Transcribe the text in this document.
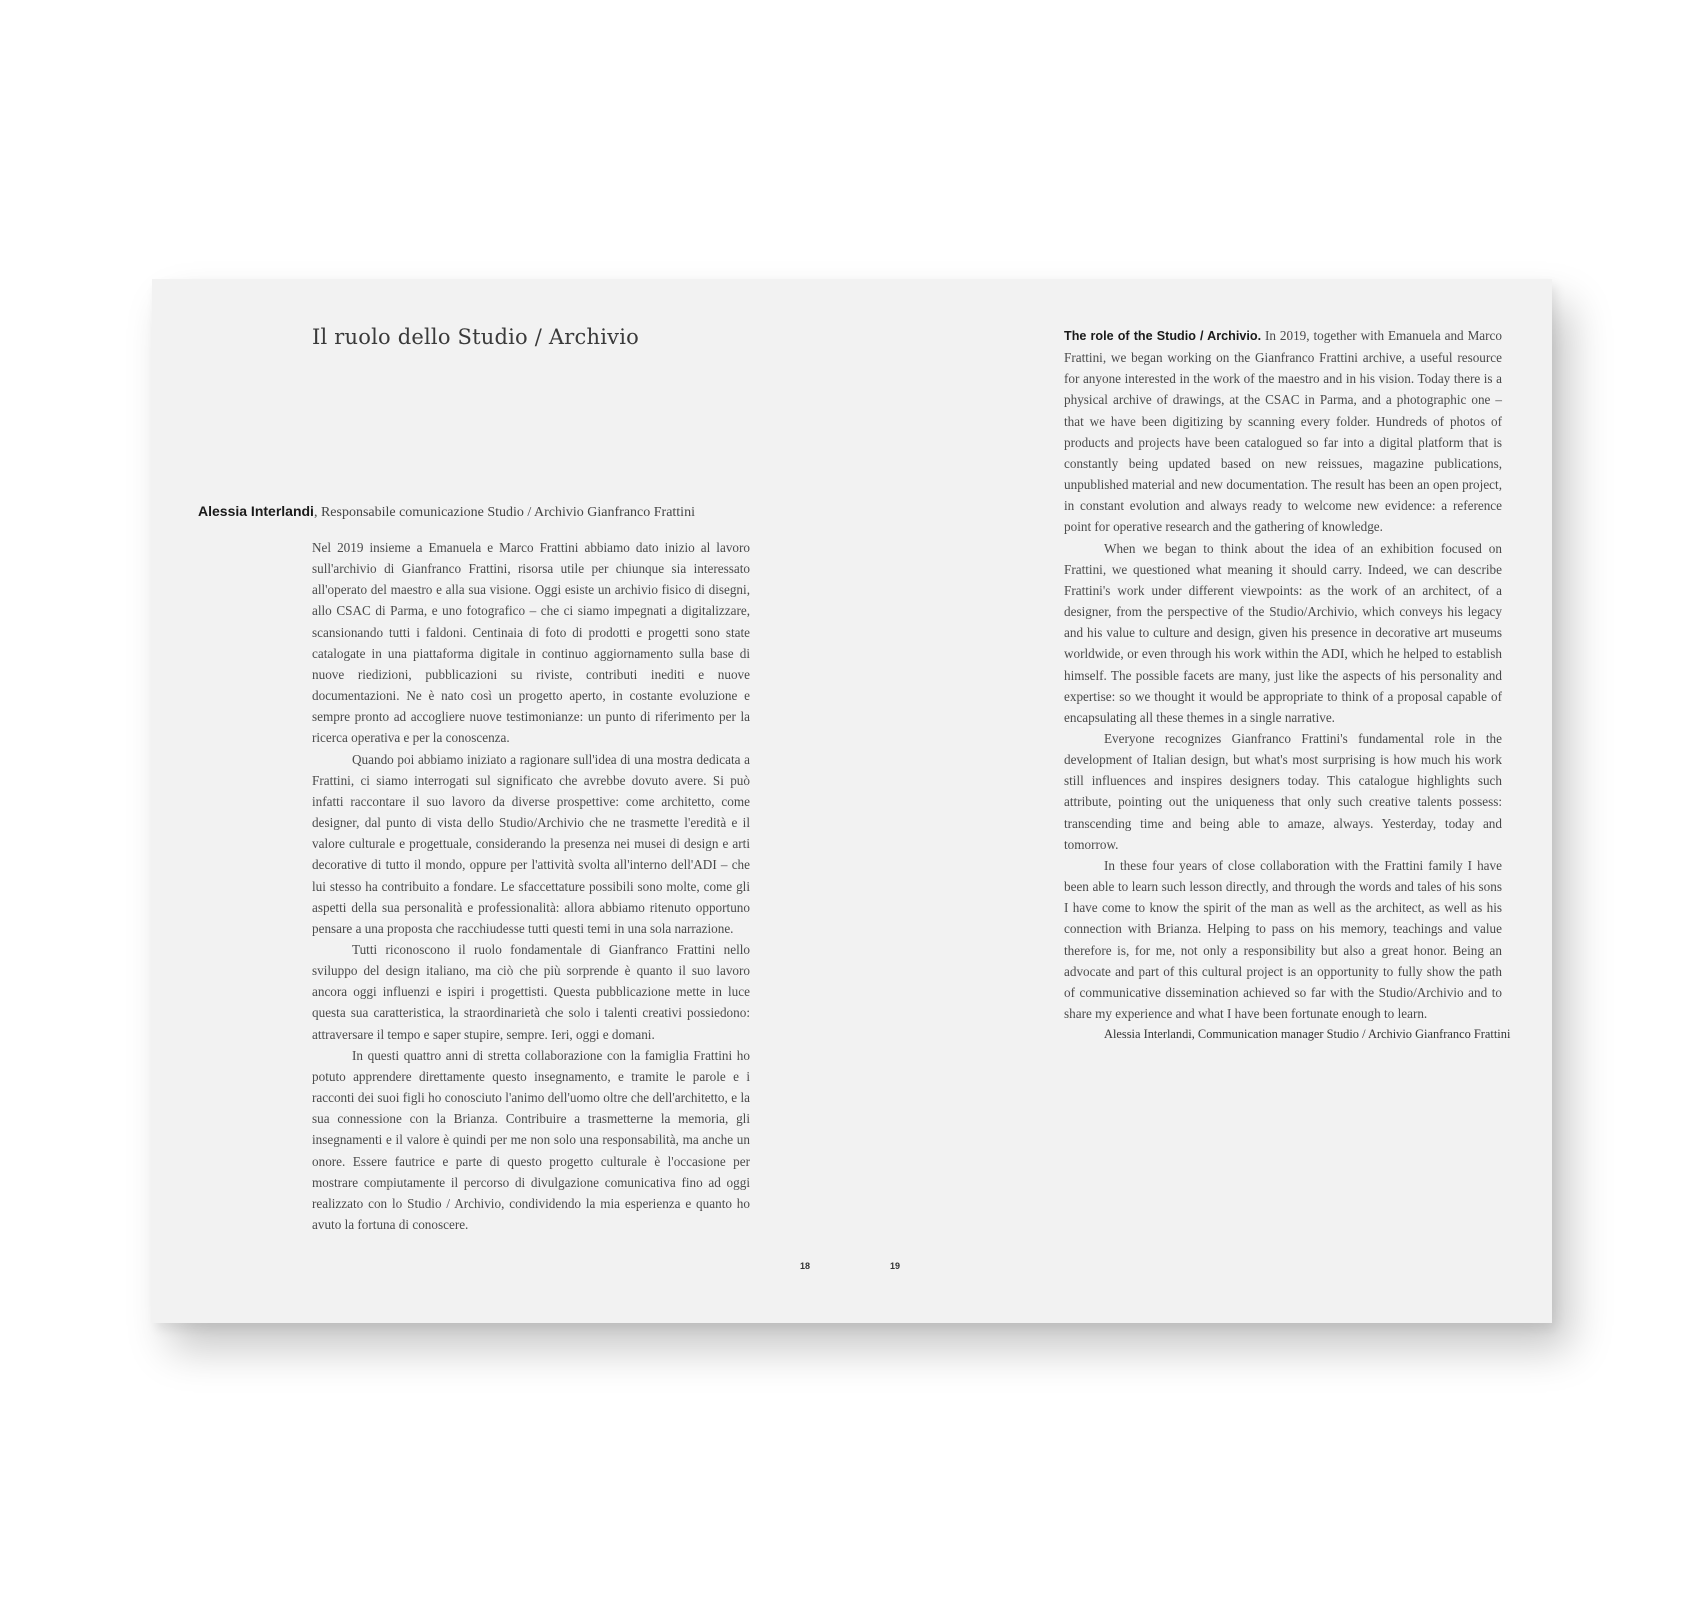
Il ruolo dello Studio / Archivio

Alessia Interlandi, Responsabile comunicazione Studio / Archivio Gianfranco Frattini

Nel 2019 insieme a Emanuela e Marco Frattini abbiamo dato inizio al lavoro sull'archivio di Gianfranco Frattini, risorsa utile per chiunque sia interessato all'operato del maestro e alla sua visione. Oggi esiste un archivio fisico di disegni, allo CSAC di Parma, e uno fotografico – che ci siamo impegnati a digitalizzare, scansionando tutti i faldoni. Centinaia di foto di prodotti e progetti sono state catalogate in una piattaforma digitale in continuo aggiornamento sulla base di nuove riedizioni, pubblicazioni su riviste, contributi inediti e nuove documentazioni. Ne è nato così un progetto aperto, in costante evoluzione e sempre pronto ad accogliere nuove testimonianze: un punto di riferimento per la ricerca operativa e per la conoscenza.

Quando poi abbiamo iniziato a ragionare sull'idea di una mostra dedicata a Frattini, ci siamo interrogati sul significato che avrebbe dovuto avere. Si può infatti raccontare il suo lavoro da diverse prospettive: come architetto, come designer, dal punto di vista dello Studio/Archivio che ne trasmette l'eredità e il valore culturale e progettuale, considerando la presenza nei musei di design e arti decorative di tutto il mondo, oppure per l'attività svolta all'interno dell'ADI – che lui stesso ha contribuito a fondare. Le sfaccettature possibili sono molte, come gli aspetti della sua personalità e professionalità: allora abbiamo ritenuto opportuno pensare a una proposta che racchiudesse tutti questi temi in una sola narrazione.

Tutti riconoscono il ruolo fondamentale di Gianfranco Frattini nello sviluppo del design italiano, ma ciò che più sorprende è quanto il suo lavoro ancora oggi influenzi e ispiri i progettisti. Questa pubblicazione mette in luce questa sua caratteristica, la straordinarietà che solo i talenti creativi possiedono: attraversare il tempo e saper stupire, sempre. Ieri, oggi e domani.

In questi quattro anni di stretta collaborazione con la famiglia Frattini ho potuto apprendere direttamente questo insegnamento, e tramite le parole e i racconti dei suoi figli ho conosciuto l'animo dell'uomo oltre che dell'architetto, e la sua connessione con la Brianza. Contribuire a trasmetterne la memoria, gli insegnamenti e il valore è quindi per me non solo una responsabilità, ma anche un onore. Essere fautrice e parte di questo progetto culturale è l'occasione per mostrare compiutamente il percorso di divulgazione comunicativa fino ad oggi realizzato con lo Studio / Archivio, condividendo la mia esperienza e quanto ho avuto la fortuna di conoscere.

18

The role of the Studio / Archivio. In 2019, together with Emanuela and Marco Frattini, we began working on the Gianfranco Frattini archive, a useful resource for anyone interested in the work of the maestro and in his vision. Today there is a physical archive of drawings, at the CSAC in Parma, and a photographic one – that we have been digitizing by scanning every folder. Hundreds of photos of products and projects have been catalogued so far into a digital platform that is constantly being updated based on new reissues, magazine publications, unpublished material and new documentation. The result has been an open project, in constant evolution and always ready to welcome new evidence: a reference point for operative research and the gathering of knowledge.

When we began to think about the idea of an exhibition focused on Frattini, we questioned what meaning it should carry. Indeed, we can describe Frattini's work under different viewpoints: as the work of an architect, of a designer, from the perspective of the Studio/Archivio, which conveys his legacy and his value to culture and design, given his presence in decorative art museums worldwide, or even through his work within the ADI, which he helped to establish himself. The possible facets are many, just like the aspects of his personality and expertise: so we thought it would be appropriate to think of a proposal capable of encapsulating all these themes in a single narrative.

Everyone recognizes Gianfranco Frattini's fundamental role in the development of Italian design, but what's most surprising is how much his work still influences and inspires designers today. This catalogue highlights such attribute, pointing out the uniqueness that only such creative talents possess: transcending time and being able to amaze, always. Yesterday, today and tomorrow.

In these four years of close collaboration with the Frattini family I have been able to learn such lesson directly, and through the words and tales of his sons I have come to know the spirit of the man as well as the architect, as well as his connection with Brianza. Helping to pass on his memory, teachings and value therefore is, for me, not only a responsibility but also a great honor. Being an advocate and part of this cultural project is an opportunity to fully show the path of communicative dissemination achieved so far with the Studio/Archivio and to share my experience and what I have been fortunate enough to learn.

Alessia Interlandi, Communication manager Studio / Archivio Gianfranco Frattini

19
